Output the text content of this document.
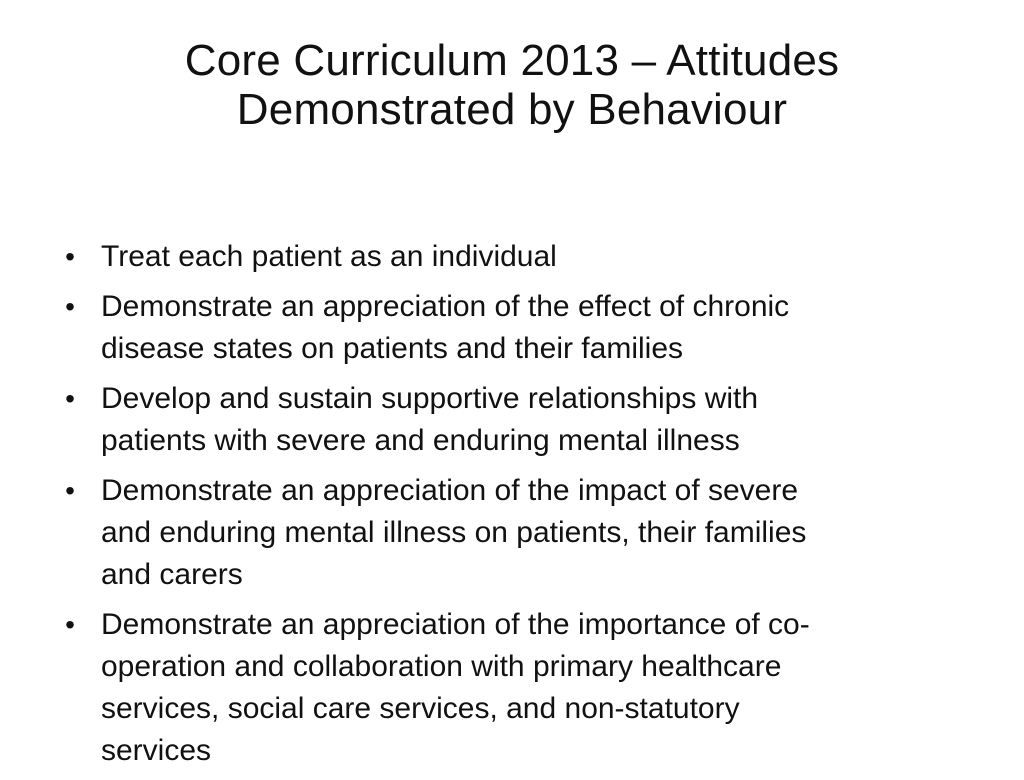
Core Curriculum 2013 – Attitudes
Demonstrated by Behaviour
• Treat each patient as an individual
• Demonstrate an appreciation of the effect of chronic
disease states on patients and their families
• Develop and sustain supportive relationships with
patients with severe and enduring mental illness
• Demonstrate an appreciation of the impact of severe
and enduring mental illness on patients, their families
and carers
• Demonstrate an appreciation of the importance of co-
operation and collaboration with primary healthcare
services, social care services, and non-statutory
services
